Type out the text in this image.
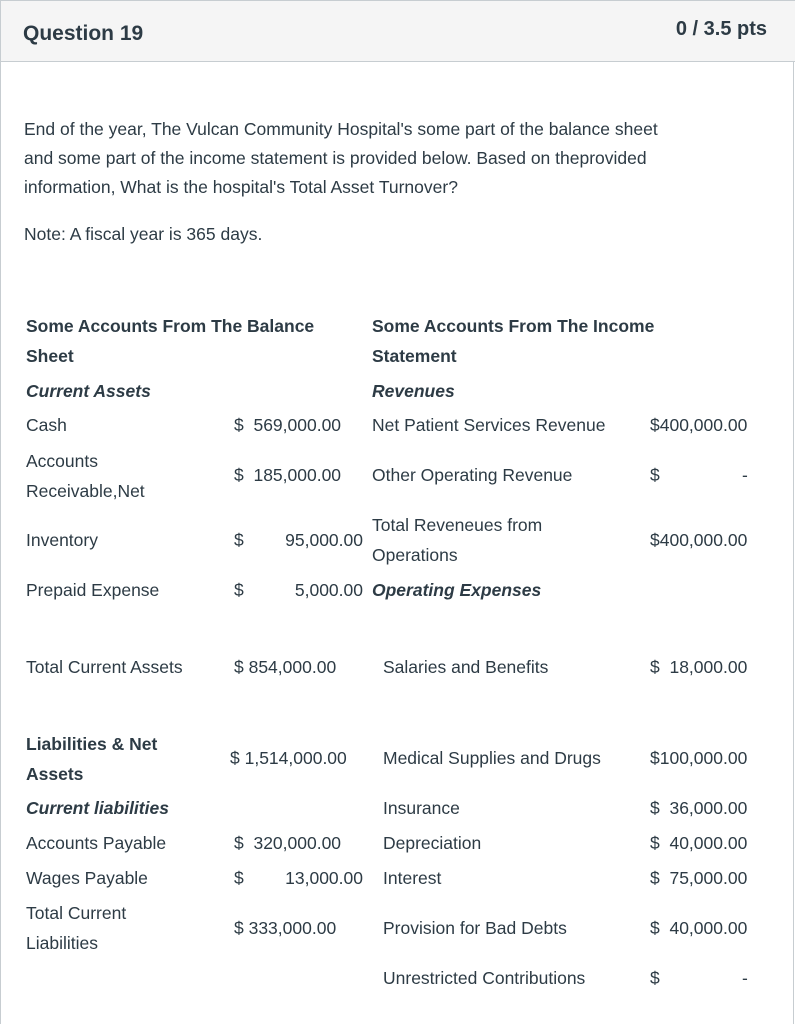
Question 19	0 / 3.5 pts
End of the year, The Vulcan Community Hospital's some part of the balance sheet
and some part of the income statement is provided below. Based on theprovided
information, What is the hospital's Total Asset Turnover?
Note: A fiscal year is 365 days.
Some Accounts From The Balance
Sheet
Current Assets
Cash	$  569,000.00
Accounts
Receivable,Net
$  185,000.00
Inventory	$	95,000.00
Prepaid Expense	$	5,000.00
Total Current Assets	$ 854,000.00
Liabilities & Net
Assets
$ 1,514,000.00
Current liabilities
Accounts Payable	$  320,000.00
Wages Payable	$	13,000.00
Total Current
Liabilities
$ 333,000.00
Some Accounts From The Income
Statement
Revenues
Net Patient Services Revenue	$400,000.00
Other Operating Revenue	$	-
Total Reveneues from
Operations
$400,000.00
Operating Expenses
Salaries and Benefits	$  18,000.00
Medical Supplies and Drugs	$100,000.00
Insurance	$  36,000.00
Depreciation	$  40,000.00
Interest	$  75,000.00
Provision for Bad Debts	$  40,000.00
Unrestricted Contributions	$	-
